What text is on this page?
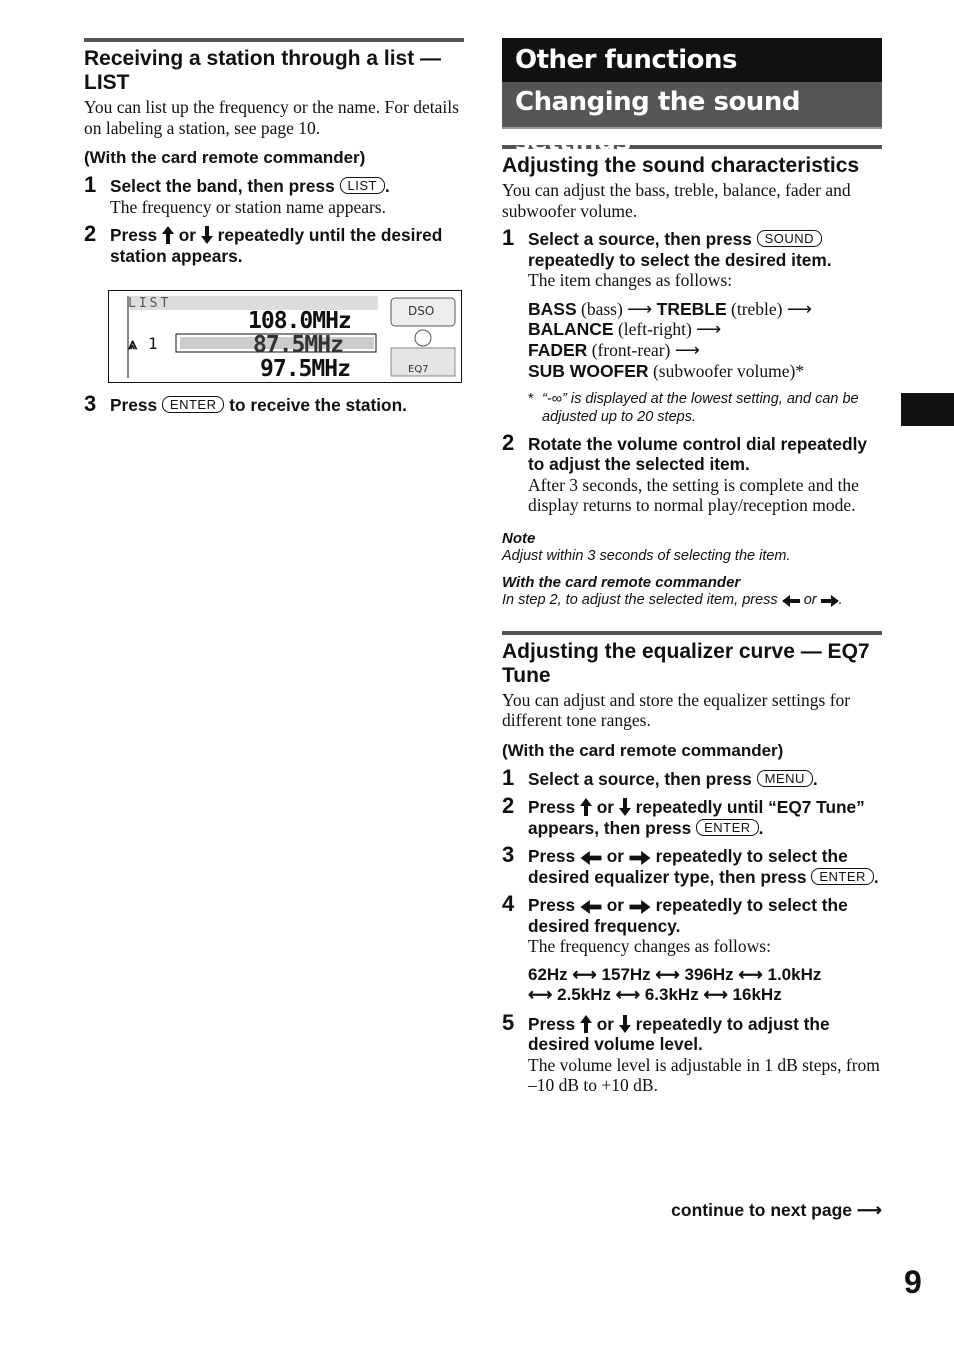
Receiving a station through a list — LIST
You can list up the frequency or the name. For details on labeling a station, see page 10.
(With the card remote commander)
1 Select the band, then press LIST .
The frequency or station name appears.
2 Press or repeatedly until the desired station appears.
LIST
⩓ 1
108.0MHz
87.5MHz
97.5MHz
DSO
EQ7
3 Press ENTER to receive the station.
Other functions
Changing the sound settings
Adjusting the sound characteristics
You can adjust the bass, treble, balance, fader and subwoofer volume.
1 Select a source, then press SOUND repeatedly to select the desired item.
The item changes as follows:
BASS (bass) ⟶ TREBLE (treble) ⟶
BALANCE (left-right) ⟶
FADER (front-rear) ⟶
SUB WOOFER (subwoofer volume)*
* “-∞” is displayed at the lowest setting, and can be adjusted up to 20 steps.
2 Rotate the volume control dial repeatedly to adjust the selected item.
After 3 seconds, the setting is complete and the display returns to normal play/reception mode.
Note
Adjust within 3 seconds of selecting the item.
With the card remote commander
In step 2, to adjust the selected item, press or .
Adjusting the equalizer curve — EQ7 Tune
You can adjust and store the equalizer settings for different tone ranges.
(With the card remote commander)
1 Select a source, then press MENU .
2 Press or repeatedly until “EQ7 Tune” appears, then press ENTER .
3 Press or repeatedly to select the desired equalizer type, then press ENTER .
4 Press or repeatedly to select the desired frequency.
The frequency changes as follows:
62Hz ⟷ 157Hz ⟷ 396Hz ⟷ 1.0kHz
⟷ 2.5kHz ⟷ 6.3kHz ⟷ 16kHz
5 Press or repeatedly to adjust the desired volume level.
The volume level is adjustable in 1 dB steps, from –10 dB to +10 dB.
continue to next page ⟶
9
